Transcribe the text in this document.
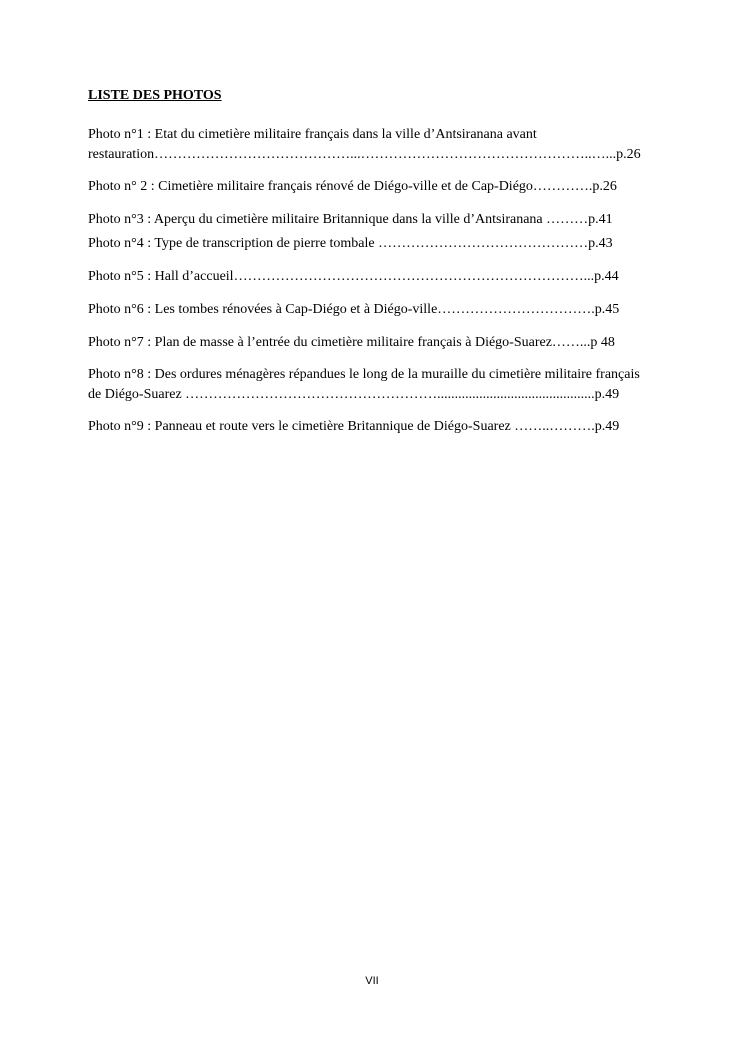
LISTE DES PHOTOS
Photo n°1 : Etat du cimetière militaire français dans la ville d’Antsiranana avant
restauration……………………………………...…………………………………………..…...p.26
Photo n° 2 : Cimetière militaire français rénové de Diégo-ville et de Cap-Diégo………….p.26
Photo n°3 : Aperçu du cimetière militaire Britannique dans la ville d’Antsiranana ………p.41
Photo n°4 : Type de transcription de pierre tombale ………………………………………p.43
Photo n°5 : Hall d’accueil…………………………………………………………………...p.44
Photo n°6 : Les tombes rénovées à Cap-Diégo et à Diégo-ville…………………………….p.45
Photo n°7 : Plan de masse à l’entrée du cimetière militaire français à Diégo-Suarez……...p 48
Photo n°8 : Des ordures ménagères répandues le long de la muraille du cimetière militaire français
de Diégo-Suarez ……………………………………………….............................................p.49
Photo n°9 : Panneau et route vers le cimetière Britannique de Diégo-Suarez ……..……….p.49
VII
